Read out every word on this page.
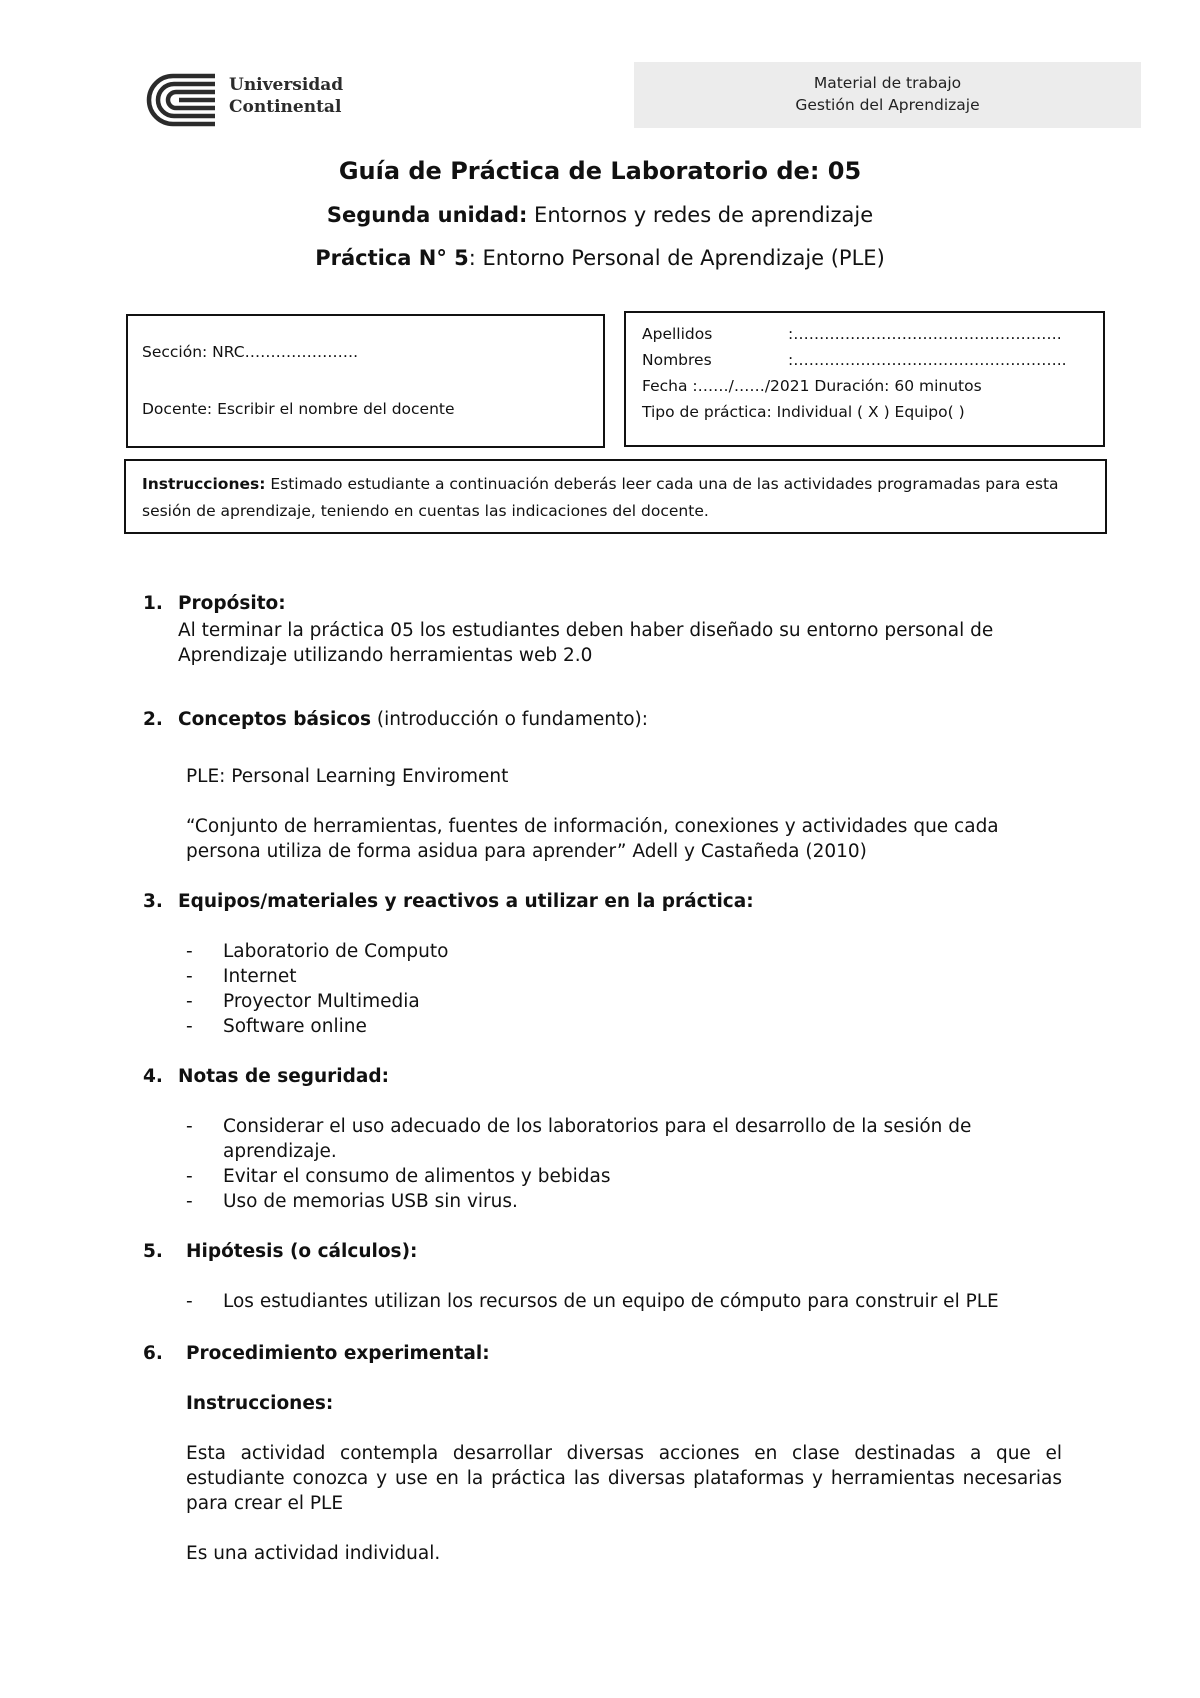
Universidad
Continental
Material de trabajo
Gestión del Aprendizaje
Guía de Práctica de Laboratorio de: 05
Segunda unidad: Entornos y redes de aprendizaje
Práctica N° 5: Entorno Personal de Aprendizaje (PLE)
Sección: NRC………………….
Docente: Escribir el nombre del docente
Apellidos	:…………………………………………….
Nombres	:……………………………………………..
Fecha :……/……/2021 Duración: 60 minutos
Tipo de práctica: Individual ( X ) Equipo( )
Instrucciones: Estimado estudiante a continuación deberás leer cada una de las actividades programadas para esta sesión de aprendizaje, teniendo en cuentas las indicaciones del docente.
1. Propósito:
Al terminar la práctica 05 los estudiantes deben haber diseñado su entorno personal de Aprendizaje utilizando herramientas web 2.0
2. Conceptos básicos (introducción o fundamento):
PLE: Personal Learning Enviroment
“Conjunto de herramientas, fuentes de información, conexiones y actividades que cada persona utiliza de forma asidua para aprender” Adell y Castañeda (2010)
3. Equipos/materiales y reactivos a utilizar en la práctica:
-	Laboratorio de Computo
-	Internet
-	Proyector Multimedia
-	Software online
4. Notas de seguridad:
-	Considerar el uso adecuado de los laboratorios para el desarrollo de la sesión de aprendizaje.
-	Evitar el consumo de alimentos y bebidas
-	Uso de memorias USB sin virus.
5. Hipótesis (o cálculos):
-	Los estudiantes utilizan los recursos de un equipo de cómputo para construir el PLE
6. Procedimiento experimental:
Instrucciones:
Esta actividad contempla desarrollar diversas acciones en clase destinadas a que el estudiante conozca y use en la práctica las diversas plataformas y herramientas necesarias para crear el PLE
Es una actividad individual.
